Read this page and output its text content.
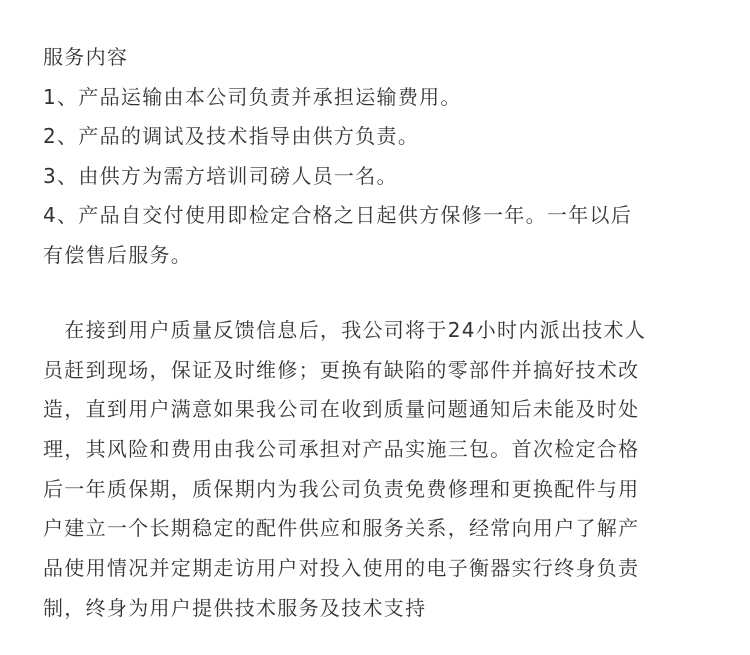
服务内容
1、产品运输由本公司负责并承担运输费用。
2、产品的调试及技术指导由供方负责。
3、由供方为需方培训司磅人员一名。
4、产品自交付使用即检定合格之日起供方保修一年。一年以后
有偿售后服务。
　在接到用户质量反馈信息后，我公司将于24小时内派出技术人
员赶到现场，保证及时维修；更换有缺陷的零部件并搞好技术改
造，直到用户满意如果我公司在收到质量问题通知后未能及时处
理，其风险和费用由我公司承担对产品实施三包。首次检定合格
后一年质保期，质保期内为我公司负责免费修理和更换配件与用
户建立一个长期稳定的配件供应和服务关系，经常向用户了解产
品使用情况并定期走访用户对投入使用的电子衡器实行终身负责
制，终身为用户提供技术服务及技术支持
